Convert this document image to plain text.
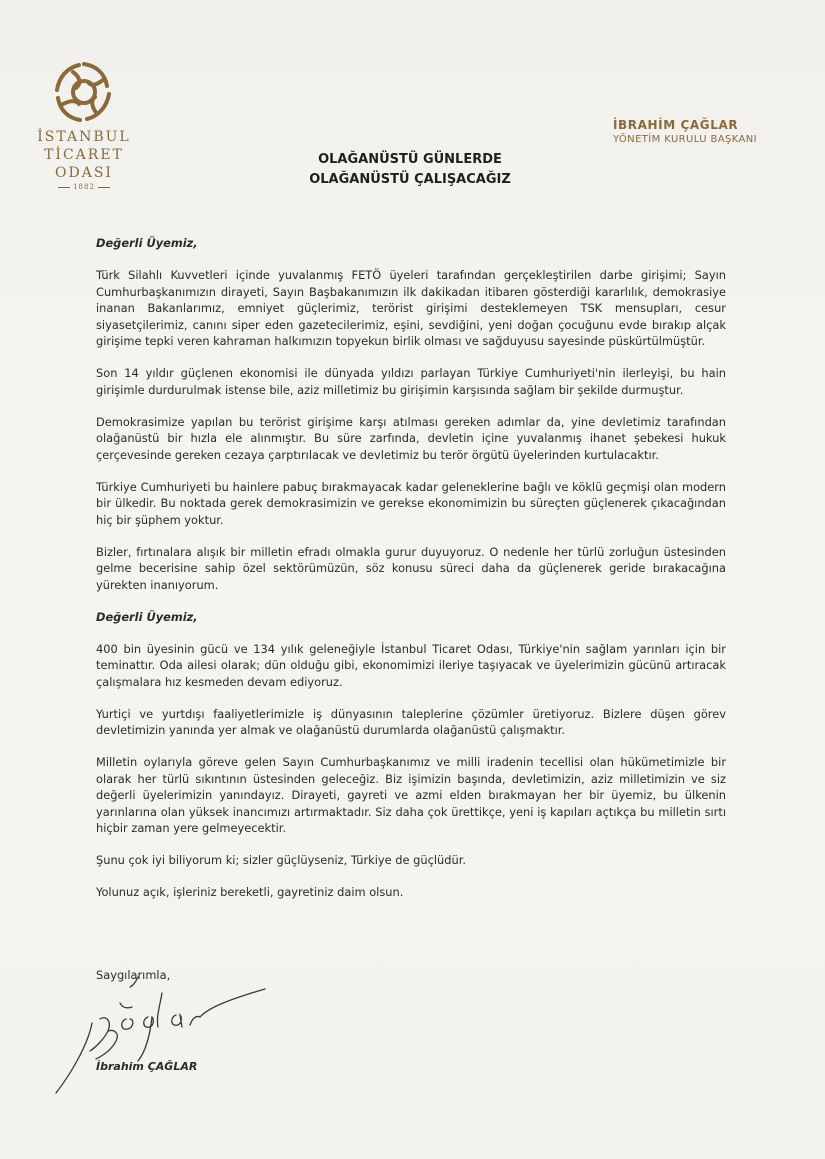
İSTANBUL
TİCARET
ODASI
1882
İBRAHİM ÇAĞLAR
YÖNETİM KURULU BAŞKANI
OLAĞANÜSTÜ GÜNLERDE
OLAĞANÜSTÜ ÇALIŞACAĞIZ

Değerli Üyemiz,

Türk Silahlı Kuvvetleri içinde yuvalanmış FETÖ üyeleri tarafından gerçekleştirilen darbe girişimi; Sayın Cumhurbaşkanımızın dirayeti, Sayın Başbakanımızın ilk dakikadan itibaren gösterdiği kararlılık, demokrasiye inanan Bakanlarımız, emniyet güçlerimiz, terörist girişimi desteklemeyen TSK mensupları, cesur siyasetçilerimiz, canını siper eden gazetecilerimiz, eşini, sevdiğini, yeni doğan çocuğunu evde bırakıp alçak girişime tepki veren kahraman halkımızın topyekun birlik olması ve sağduyusu sayesinde püskürtülmüştür.

Son 14 yıldır güçlenen ekonomisi ile dünyada yıldızı parlayan Türkiye Cumhuriyeti'nin ilerleyişi, bu hain girişimle durdurulmak istense bile, aziz milletimiz bu girişimin karşısında sağlam bir şekilde durmuştur.

Demokrasimize yapılan bu terörist girişime karşı atılması gereken adımlar da, yine devletimiz tarafından olağanüstü bir hızla ele alınmıştır. Bu süre zarfında, devletin içine yuvalanmış ihanet şebekesi hukuk çerçevesinde gereken cezaya çarptırılacak ve devletimiz bu terör örgütü üyelerinden kurtulacaktır.

Türkiye Cumhuriyeti bu hainlere pabuç bırakmayacak kadar geleneklerine bağlı ve köklü geçmişi olan modern bir ülkedir. Bu noktada gerek demokrasimizin ve gerekse ekonomimizin bu süreçten güçlenerek çıkacağından hiç bir şüphem yoktur.

Bizler, fırtınalara alışık bir milletin efradı olmakla gurur duyuyoruz. O nedenle her türlü zorluğun üstesinden gelme becerisine sahip özel sektörümüzün, söz konusu süreci daha da güçlenerek geride bırakacağına yürekten inanıyorum.

Değerli Üyemiz,

400 bin üyesinin gücü ve 134 yılık geleneğiyle İstanbul Ticaret Odası, Türkiye'nin sağlam yarınları için bir teminattır. Oda ailesi olarak; dün olduğu gibi, ekonomimizi ileriye taşıyacak ve üyelerimizin gücünü artıracak çalışmalara hız kesmeden devam ediyoruz.

Yurtiçi ve yurtdışı faaliyetlerimizle iş dünyasının taleplerine çözümler üretiyoruz. Bizlere düşen görev devletimizin yanında yer almak ve olağanüstü durumlarda olağanüstü çalışmaktır.

Milletin oylarıyla göreve gelen Sayın Cumhurbaşkanımız ve milli iradenin tecellisi olan hükümetimizle bir olarak her türlü sıkıntının üstesinden geleceğiz. Biz işimizin başında, devletimizin, aziz milletimizin ve siz değerli üyelerimizin yanındayız. Dirayeti, gayreti ve azmi elden bırakmayan her bir üyemiz, bu ülkenin yarınlarına olan yüksek inancımızı artırmaktadır. Siz daha çok ürettikçe, yeni iş kapıları açtıkça bu milletin sırtı hiçbir zaman yere gelmeyecektir.

Şunu çok iyi biliyorum ki; sizler güçlüyseniz, Türkiye de güçlüdür.

Yolunuz açık, işleriniz bereketli, gayretiniz daim olsun.

Saygılarımla,
İbrahim ÇAĞLAR
